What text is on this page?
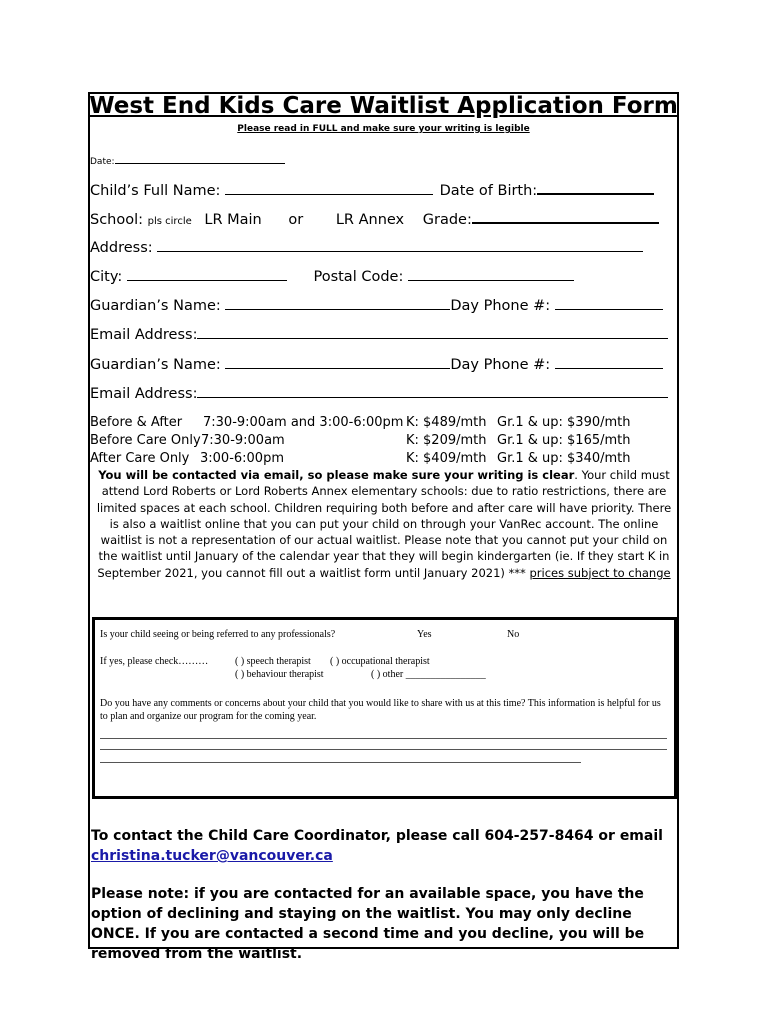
West End Kids Care Waitlist Application Form
Please read in FULL and make sure your writing is legible
Date:
Child’s Full Name:	Date of Birth:
School: pls circle LR Main or LR Annex Grade:
Address:
City:	Postal Code:
Guardian’s Name:	Day Phone #:
Email Address:
Guardian’s Name:	Day Phone #:
Email Address:
Before & After 7:30-9:00am and 3:00-6:00pm K: $489/mth Gr.1 & up: $390/mth
Before Care Only 7:30-9:00am	K: $209/mth Gr.1 & up: $165/mth
After Care Only 3:00-6:00pm	K: $409/mth Gr.1 & up: $340/mth
You will be contacted via email, so please make sure your writing is clear. Your child must attend Lord Roberts or Lord Roberts Annex elementary schools: due to ratio restrictions, there are limited spaces at each school. Children requiring both before and after care will have priority. There is also a waitlist online that you can put your child on through your VanRec account. The online waitlist is not a representation of our actual waitlist. Please note that you cannot put your child on the waitlist until January of the calendar year that they will begin kindergarten (ie. If they start K in September 2021, you cannot fill out a waitlist form until January 2021) *** prices subject to change
Is your child seeing or being referred to any professionals?	Yes	No
If yes, please check………	( ) speech therapist ( ) occupational therapist
( ) behaviour therapist	( ) other ________________
Do you have any comments or concerns about your child that you would like to share with us at this time? This information is helpful for us to plan and organize our program for the coming year.
To contact the Child Care Coordinator, please call 604-257-8464 or email
christina.tucker@vancouver.ca
Please note: if you are contacted for an available space, you have the option of declining and staying on the waitlist. You may only decline ONCE. If you are contacted a second time and you decline, you will be removed from the waitlist.
